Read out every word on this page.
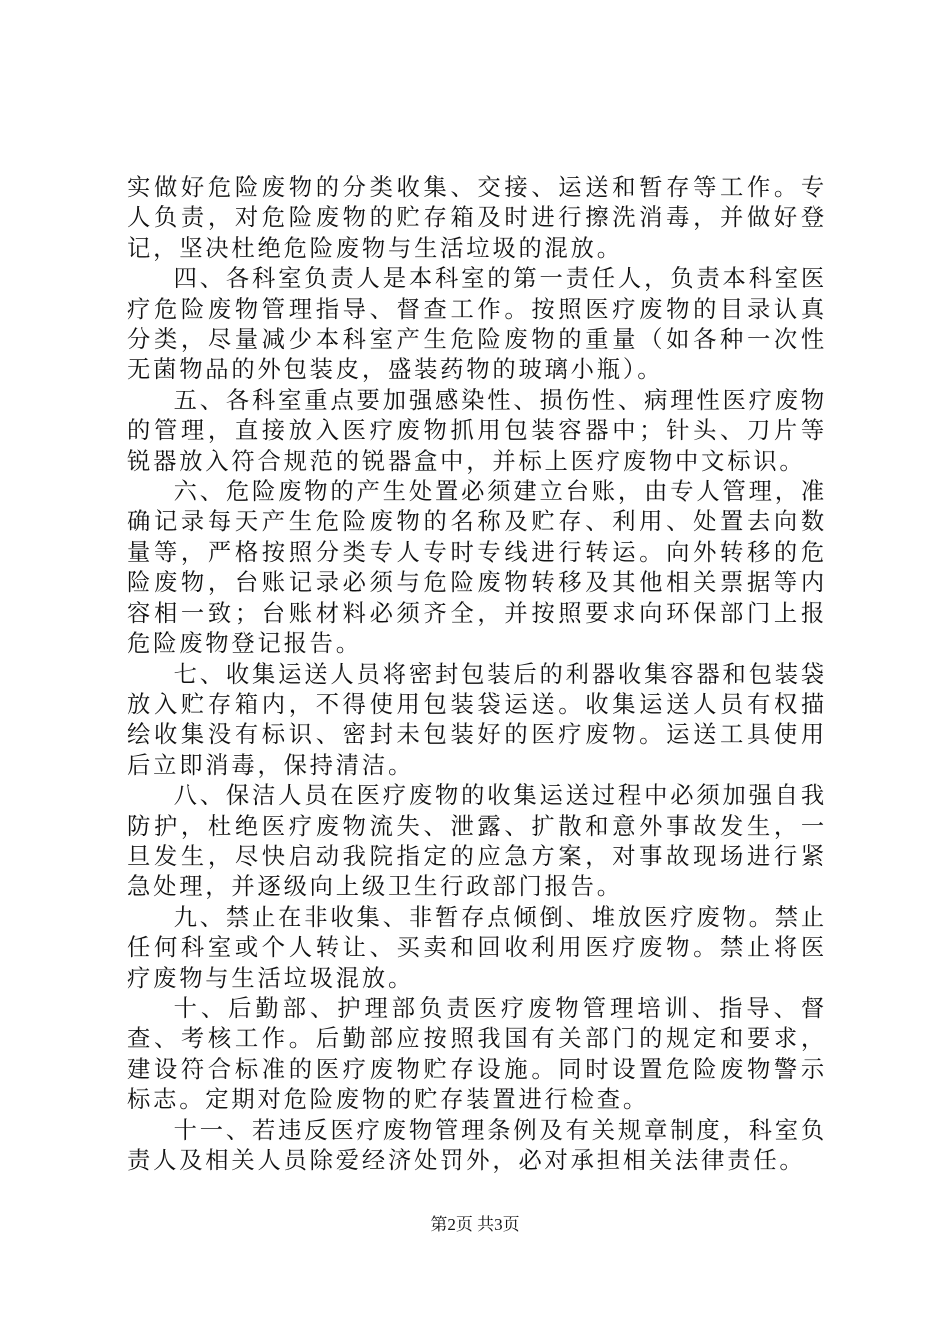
实做好危险废物的分类收集、交接、运送和暂存等工作。专人负责，对危险废物的贮存箱及时进行擦洗消毒，并做好登记，坚决杜绝危险废物与生活垃圾的混放。

四、各科室负责人是本科室的第一责任人，负责本科室医疗危险废物管理指导、督查工作。按照医疗废物的目录认真分类，尽量减少本科室产生危险废物的重量（如各种一次性无菌物品的外包装皮，盛装药物的玻璃小瓶）。

五、各科室重点要加强感染性、损伤性、病理性医疗废物的管理，直接放入医疗废物抓用包装容器中；针头、刀片等锐器放入符合规范的锐器盒中，并标上医疗废物中文标识。

六、危险废物的产生处置必须建立台账，由专人管理，准确记录每天产生危险废物的名称及贮存、利用、处置去向数量等，严格按照分类专人专时专线进行转运。向外转移的危险废物，台账记录必须与危险废物转移及其他相关票据等内容相一致；台账材料必须齐全，并按照要求向环保部门上报危险废物登记报告。

七、收集运送人员将密封包装后的利器收集容器和包装袋放入贮存箱内，不得使用包装袋运送。收集运送人员有权描绘收集没有标识、密封未包装好的医疗废物。运送工具使用后立即消毒，保持清洁。

八、保洁人员在医疗废物的收集运送过程中必须加强自我防护，杜绝医疗废物流失、泄露、扩散和意外事故发生，一旦发生，尽快启动我院指定的应急方案，对事故现场进行紧急处理，并逐级向上级卫生行政部门报告。

九、禁止在非收集、非暂存点倾倒、堆放医疗废物。禁止任何科室或个人转让、买卖和回收利用医疗废物。禁止将医疗废物与生活垃圾混放。

十、后勤部、护理部负责医疗废物管理培训、指导、督查、考核工作。后勤部应按照我国有关部门的规定和要求，建设符合标准的医疗废物贮存设施。同时设置危险废物警示标志。定期对危险废物的贮存装置进行检查。

十一、若违反医疗废物管理条例及有关规章制度，科室负责人及相关人员除爱经济处罚外，必对承担相关法律责任。

第2页 共3页
